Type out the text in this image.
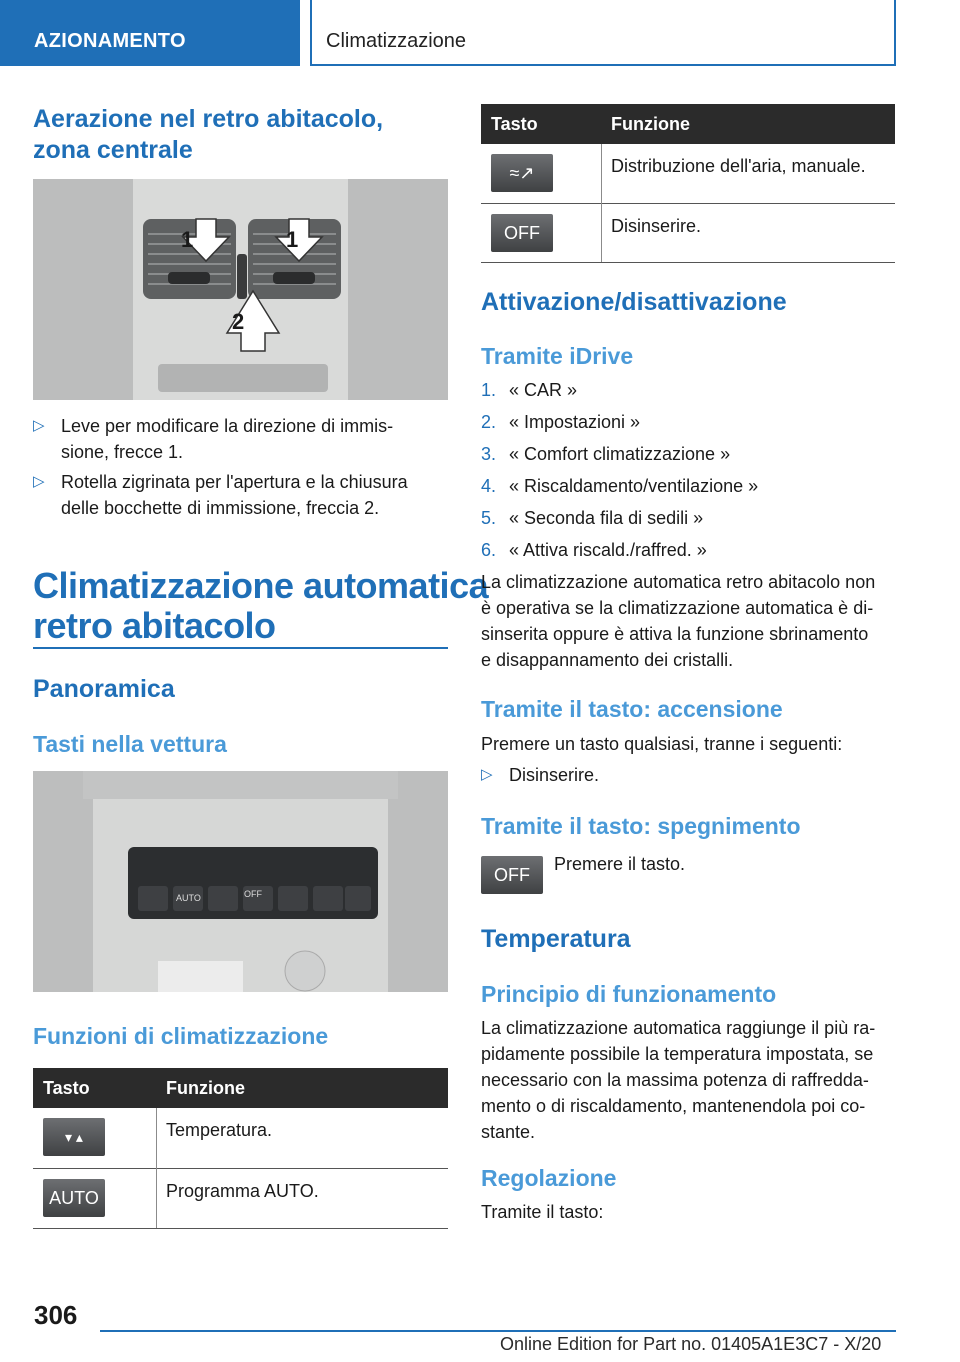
AZIONAMENTO	Climatizzazione
Aerazione nel retro abitacolo,
zona centrale
1	1
2
▷ Leve per modificare la direzione di immis-
sione, frecce 1.
▷ Rotella zigrinata per l'apertura e la chiusura
delle bocchette di immissione, freccia 2.
Climatizzazione automatica
retro abitacolo
Panoramica
Tasti nella vettura
AUTO	OFF
Funzioni di climatizzazione
Tasto	Funzione
▾ ▴	Temperatura.
AUTO	Programma AUTO.
Tasto	Funzione
≈↗	Distribuzione dell'aria, manuale.
OFF	Disinserire.
Attivazione/disattivazione
Tramite iDrive
1. « CAR »
2. « Impostazioni »
3. « Comfort climatizzazione »
4. « Riscaldamento/ventilazione »
5. « Seconda fila di sedili »
6. « Attiva riscald./raffred. »
La climatizzazione automatica retro abitacolo non
è operativa se la climatizzazione automatica è di-
sinserita oppure è attiva la funzione sbrinamento
e disappannamento dei cristalli.
Tramite il tasto: accensione
Premere un tasto qualsiasi, tranne i seguenti:
▷ Disinserire.
Tramite il tasto: spegnimento
OFF
Premere il tasto.
Temperatura
Principio di funzionamento
La climatizzazione automatica raggiunge il più ra-
pidamente possibile la temperatura impostata, se
necessario con la massima potenza di raffredda-
mento o di riscaldamento, mantenendola poi co-
stante.
Regolazione
Tramite il tasto:
306
Online Edition for Part no. 01405A1E3C7 - X/20
